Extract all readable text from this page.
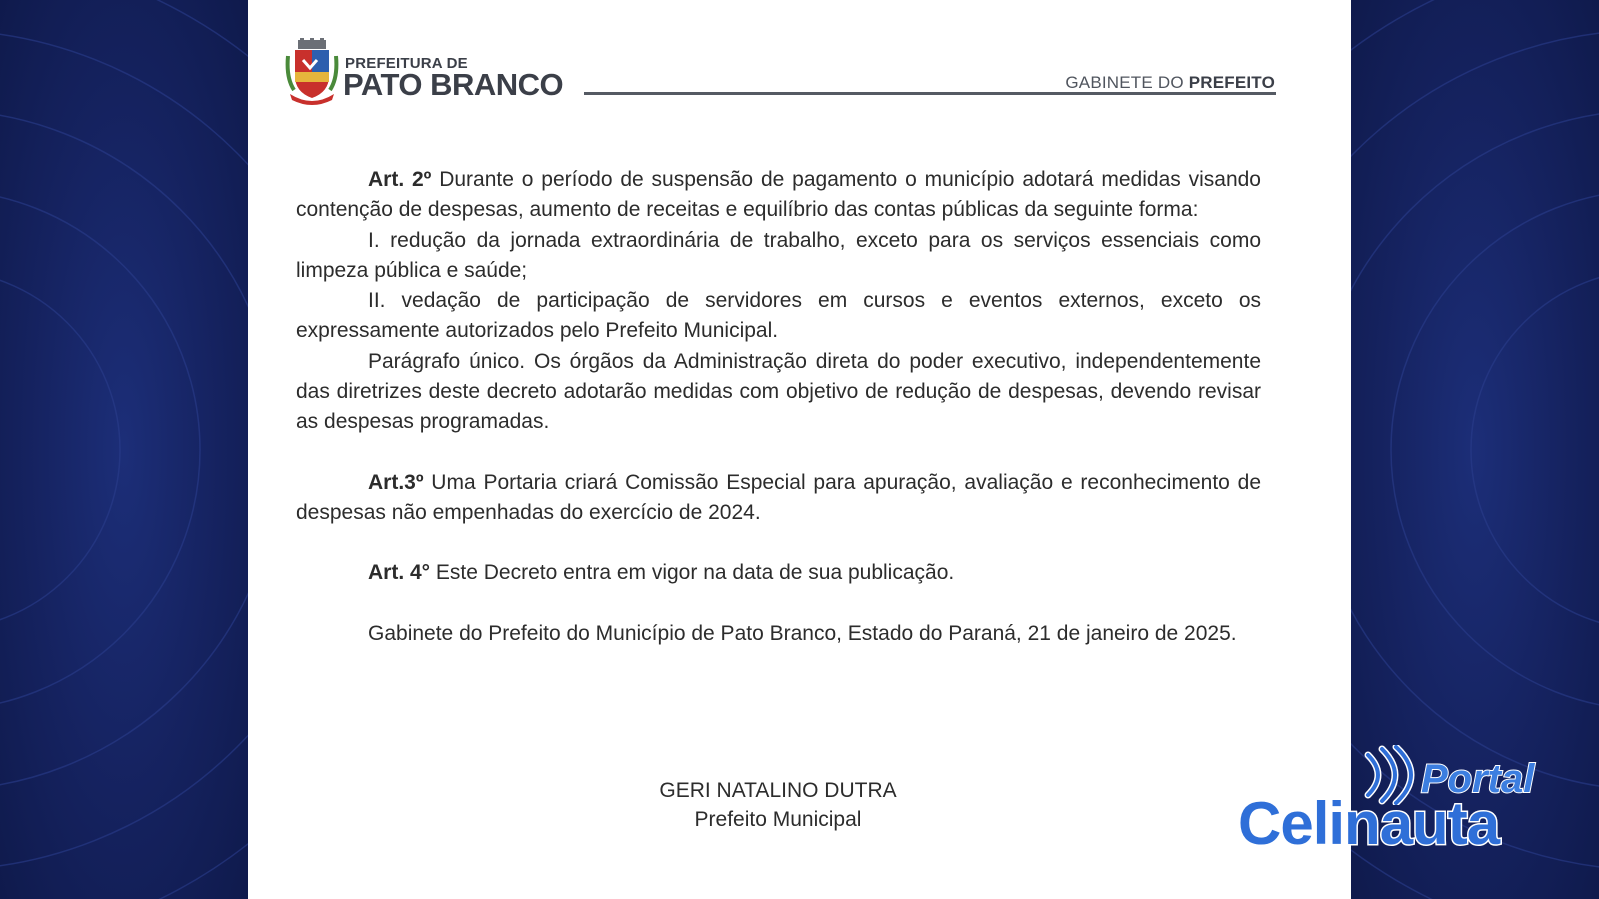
PREFEITURA DE
PATO BRANCO	GABINETE DO PREFEITO

Art. 2º Durante o período de suspensão de pagamento o município adotará medidas visando contenção de despesas, aumento de receitas e equilíbrio das contas públicas da seguinte forma:

I. redução da jornada extraordinária de trabalho, exceto para os serviços essenciais como limpeza pública e saúde;

II. vedação de participação de servidores em cursos e eventos externos, exceto os expressamente autorizados pelo Prefeito Municipal.

Parágrafo único. Os órgãos da Administração direta do poder executivo, independentemente das diretrizes deste decreto adotarão medidas com objetivo de redução de despesas, devendo revisar as despesas programadas.

Art.3º Uma Portaria criará Comissão Especial para apuração, avaliação e reconhecimento de despesas não empenhadas do exercício de 2024.

Art. 4° Este Decreto entra em vigor na data de sua publicação.

Gabinete do Prefeito do Município de Pato Branco, Estado do Paraná, 21 de janeiro de 2025.

GERI NATALINO DUTRA
Prefeito Municipal
Portal
Celinauta
